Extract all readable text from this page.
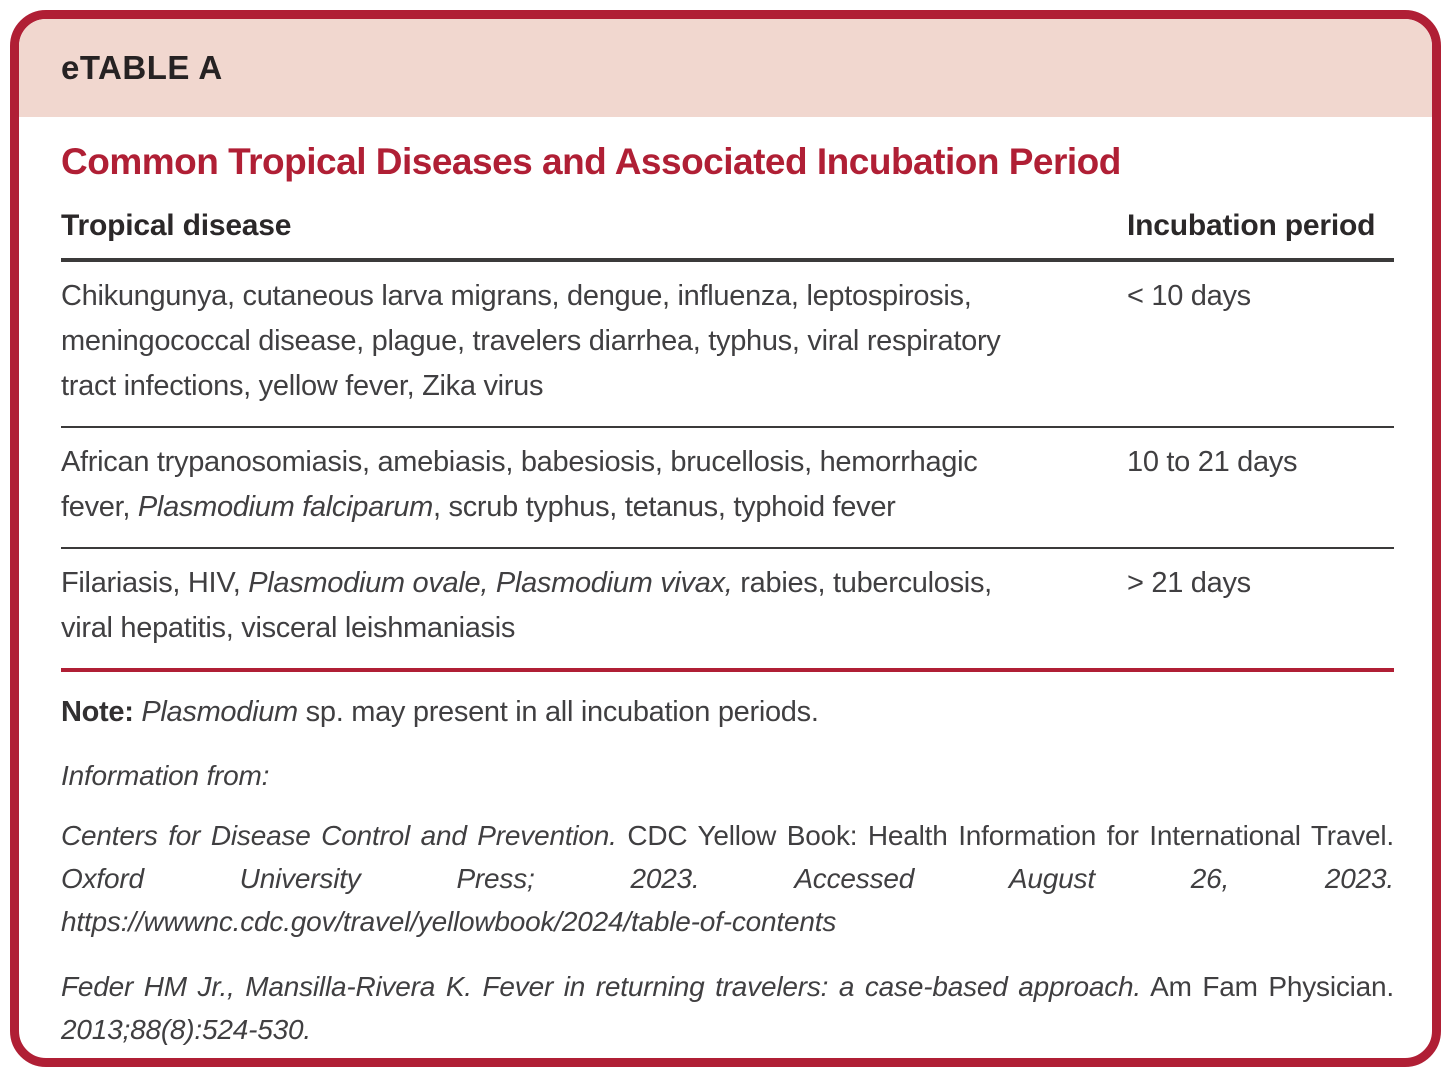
eTABLE A
Common Tropical Diseases and Associated Incubation Period
Tropical disease	Incubation period
Chikungunya, cutaneous larva migrans, dengue, influenza, leptospirosis, meningococcal disease, plague, travelers diarrhea, typhus, viral respiratory tract infections, yellow fever, Zika virus
< 10 days
African trypanosomiasis, amebiasis, babesiosis, brucellosis, hemorrhagic fever, Plasmodium falciparum, scrub typhus, tetanus, typhoid fever
10 to 21 days
Filariasis, HIV, Plasmodium ovale, Plasmodium vivax, rabies, tuberculosis, viral hepatitis, visceral leishmaniasis
> 21 days

Note: Plasmodium sp. may present in all incubation periods.

Information from:

Centers for Disease Control and Prevention. CDC Yellow Book: Health Information for International Travel. Oxford University Press; 2023. Accessed August 26, 2023. https://wwwnc.cdc.gov/travel/yellowbook/2024/table-of-contents

Feder HM Jr., Mansilla-Rivera K. Fever in returning travelers: a case-based approach. Am Fam Physician. 2013;88(8):524-530.
